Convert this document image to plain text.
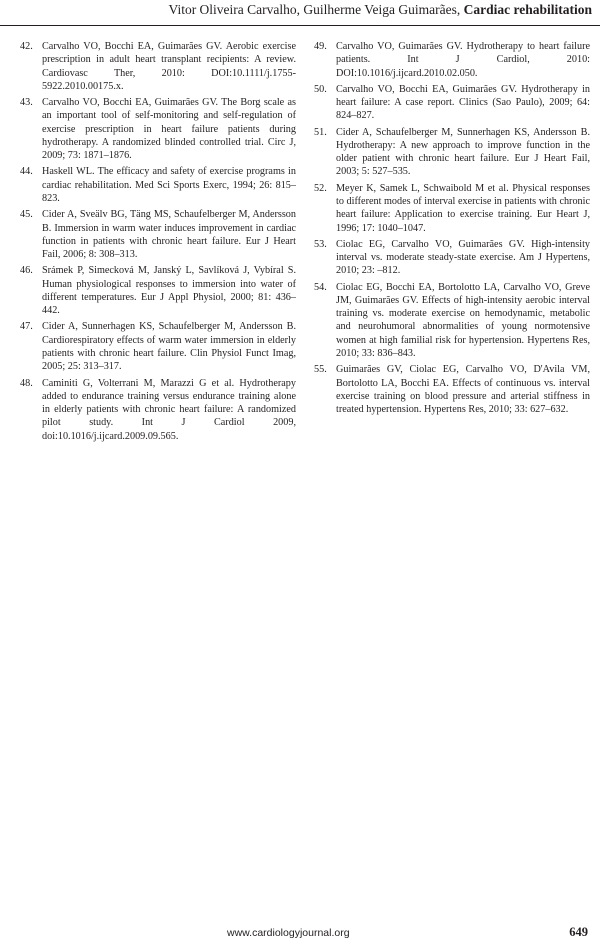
Vitor Oliveira Carvalho, Guilherme Veiga Guimarães, Cardiac rehabilitation
42. Carvalho VO, Bocchi EA, Guimarães GV. Aerobic exercise prescription in adult heart transplant recipients: A review. Cardiovasc Ther, 2010: DOI:10.1111/j.1755-5922.2010.00175.x.
43. Carvalho VO, Bocchi EA, Guimarães GV. The Borg scale as an important tool of self-monitoring and self-regulation of exercise prescription in heart failure patients during hydrotherapy. A randomized blinded controlled trial. Circ J, 2009; 73: 1871–1876.
44. Haskell WL. The efficacy and safety of exercise programs in cardiac rehabilitation. Med Sci Sports Exerc, 1994; 26: 815–823.
45. Cider A, Sveälv BG, Täng MS, Schaufelberger M, Andersson B. Immersion in warm water induces improvement in cardiac function in patients with chronic heart failure. Eur J Heart Fail, 2006; 8: 308–313.
46. Srámek P, Simecková M, Janský L, Savlíková J, Vybíral S. Human physiological responses to immersion into water of different temperatures. Eur J Appl Physiol, 2000; 81: 436–442.
47. Cider A, Sunnerhagen KS, Schaufelberger M, Andersson B. Cardiorespiratory effects of warm water immersion in elderly patients with chronic heart failure. Clin Physiol Funct Imag, 2005; 25: 313–317.
48. Caminiti G, Volterrani M, Marazzi G et al. Hydrotherapy added to endurance training versus endurance training alone in elderly patients with chronic heart failure: A randomized pilot study. Int J Cardiol 2009, doi:10.1016/j.ijcard.2009.09.565.
49. Carvalho VO, Guimarães GV. Hydrotherapy to heart failure patients. Int J Cardiol, 2010: DOI:10.1016/j.ijcard.2010.02.050.
50. Carvalho VO, Bocchi EA, Guimarães GV. Hydrotherapy in heart failure: A case report. Clinics (Sao Paulo), 2009; 64: 824–827.
51. Cider A, Schaufelberger M, Sunnerhagen KS, Andersson B. Hydrotherapy: A new approach to improve function in the older patient with chronic heart failure. Eur J Heart Fail, 2003; 5: 527–535.
52. Meyer K, Samek L, Schwaibold M et al. Physical responses to different modes of interval exercise in patients with chronic heart failure: Application to exercise training. Eur Heart J, 1996; 17: 1040–1047.
53. Ciolac EG, Carvalho VO, Guimarães GV. High-intensity interval vs. moderate steady-state exercise. Am J Hypertens, 2010; 23: –812.
54. Ciolac EG, Bocchi EA, Bortolotto LA, Carvalho VO, Greve JM, Guimarães GV. Effects of high-intensity aerobic interval training vs. moderate exercise on hemodynamic, metabolic and neurohumoral abnormalities of young normotensive women at high familial risk for hypertension. Hypertens Res, 2010; 33: 836–843.
55. Guimarães GV, Ciolac EG, Carvalho VO, D'Avila VM, Bortolotto LA, Bocchi EA. Effects of continuous vs. interval exercise training on blood pressure and arterial stiffness in treated hypertension. Hypertens Res, 2010; 33: 627–632.
www.cardiologyjournal.org	649
